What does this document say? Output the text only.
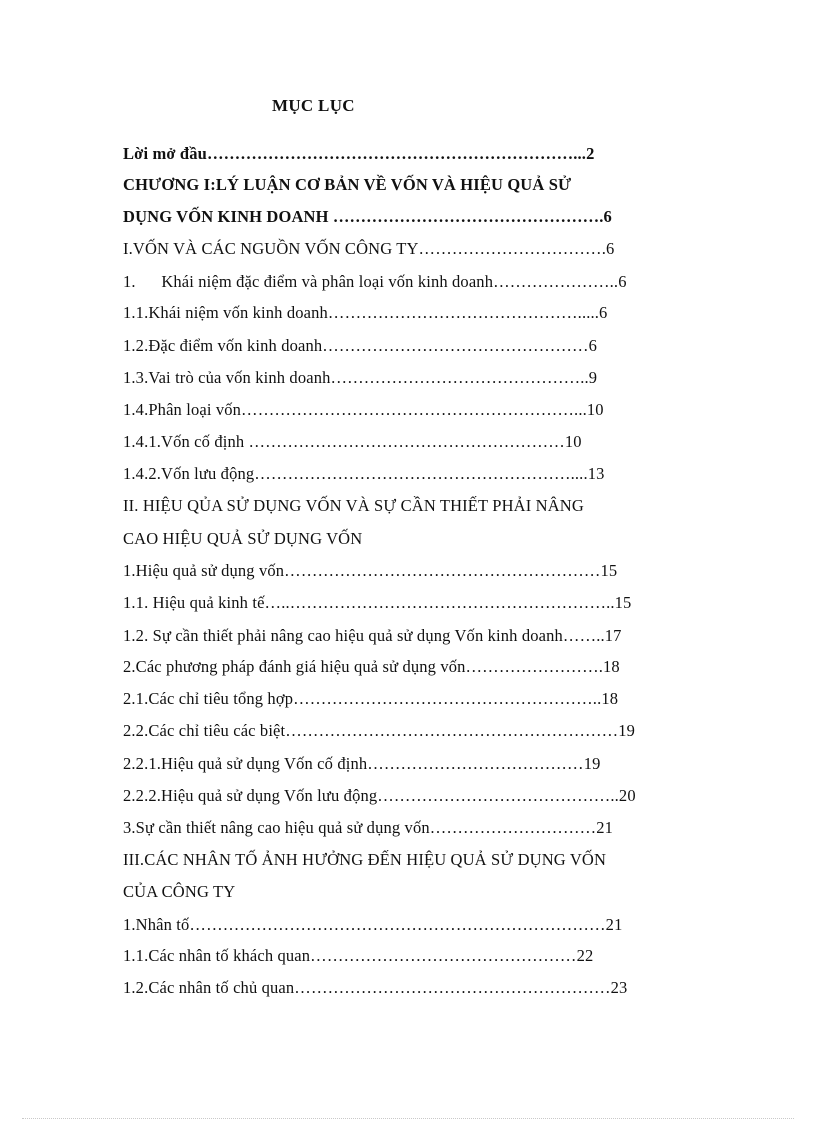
MỤC LỤC
Lời mở đầu…………………………………………………………...2
CHƯƠNG I:LÝ LUẬN CƠ BẢN VỀ VỐN VÀ HIỆU QUẢ SỬ
DỤNG VỐN KINH DOANH ………………………………………….6
I.VỐN VÀ CÁC NGUỒN VỐN CÔNG TY…………………………….6
1.      Khái niệm đặc điểm và phân loại vốn kinh doanh…………………..6
1.1.Khái niệm vốn kinh doanh……………………………………….....6
1.2.Đặc điểm vốn kinh doanh…………………………………………6
1.3.Vai trò của vốn kinh doanh………………………………………..9
1.4.Phân loại vốn……………………………………………………...10
1.4.1.Vốn cố định …………………………………………………10
1.4.2.Vốn lưu động…………………………………………………....13
II. HIỆU QỦA SỬ DỤNG VỐN VÀ SỰ CẦN THIẾT PHẢI NÂNG
CAO HIỆU QUẢ SỬ DỤNG VỐN
1.Hiệu quả sử dụng vốn…………………………………………………15
1.1. Hiệu quả kinh tế…..…………………………………………………..15
1.2. Sự cần thiết phải nâng cao hiệu quả sử dụng Vốn kinh doanh……..17
2.Các phương pháp đánh giá hiệu quả sử dụng vốn…………………….18
2.1.Các chỉ tiêu tổng hợp………………………………………………..18
2.2.Các chỉ tiêu các biệt……………………………………………………19
2.2.1.Hiệu quả sử dụng Vốn cố định…………………………………19
2.2.2.Hiệu quả sử dụng Vốn lưu động……………………………………..20
3.Sự cần thiết nâng cao hiệu quả sử dụng vốn…………………………21
III.CÁC NHÂN TỐ ẢNH HƯỞNG ĐẾN HIỆU QUẢ SỬ DỤNG VỐN
CỦA CÔNG TY
1.Nhân tố…………………………………………………………………21
1.1.Các nhân tố khách quan…………………………………………22
1.2.Các nhân tố chủ quan…………………………………………………23
